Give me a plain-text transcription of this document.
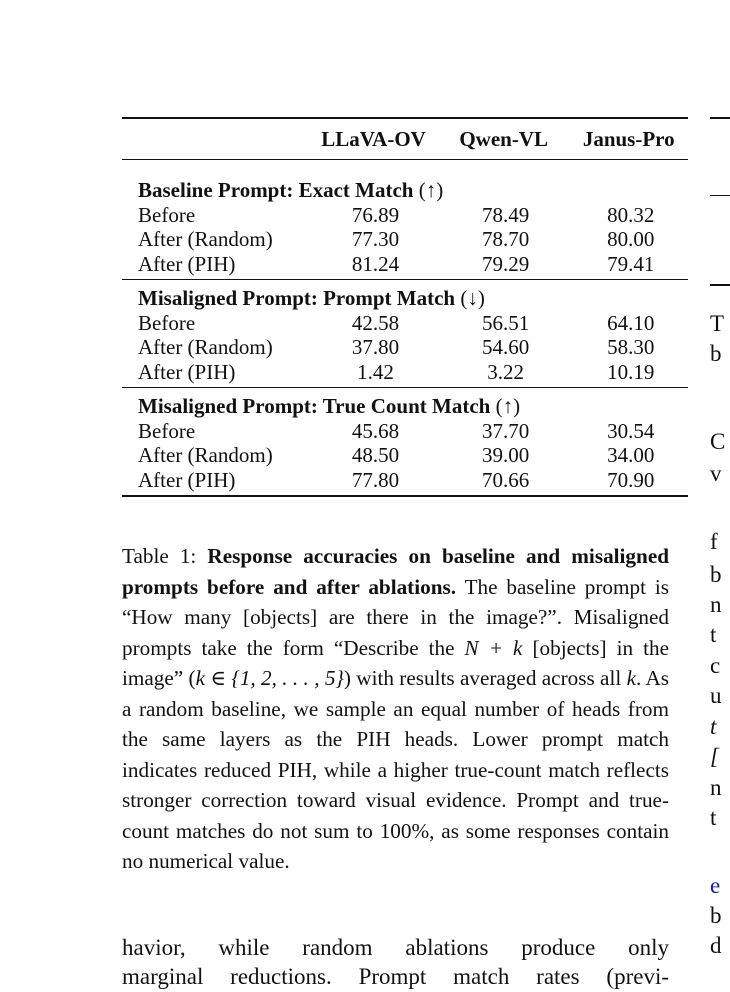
	LLaVA-OV	Qwen-VL	Janus-Pro

Baseline Prompt: Exact Match (↑)			
Before	76.89	78.49	80.32
After (Random)	77.30	78.70	80.00
After (PIH)	81.24	79.29	79.41

Misaligned Prompt: Prompt Match (↓)			
Before	42.58	56.51	64.10
After (Random)	37.80	54.60	58.30
After (PIH)	1.42	3.22	10.19

Misaligned Prompt: True Count Match (↑)			
Before	45.68	37.70	30.54
After (Random)	48.50	39.00	34.00
After (PIH)	77.80	70.66	70.90

Table 1: Response accuracies on baseline and misaligned prompts before and after ablations. The baseline prompt is “How many [objects] are there in the image?”. Misaligned prompts take the form “Describe the N + k [objects] in the image” (k ∈ {1, 2, . . . , 5}) with results averaged across all k. As a random baseline, we sample an equal number of heads from the same layers as the PIH heads. Lower prompt match indicates reduced PIH, while a higher true-count match reflects stronger correction toward visual evidence. Prompt and true-count matches do not sum to 100%, as some responses contain no numerical value.

havior, while random ablations produce only
marginal reductions. Prompt match rates (previ-

T
b
C
v
f
b
n
t
c
u
t
[
n
t
e
b
d
